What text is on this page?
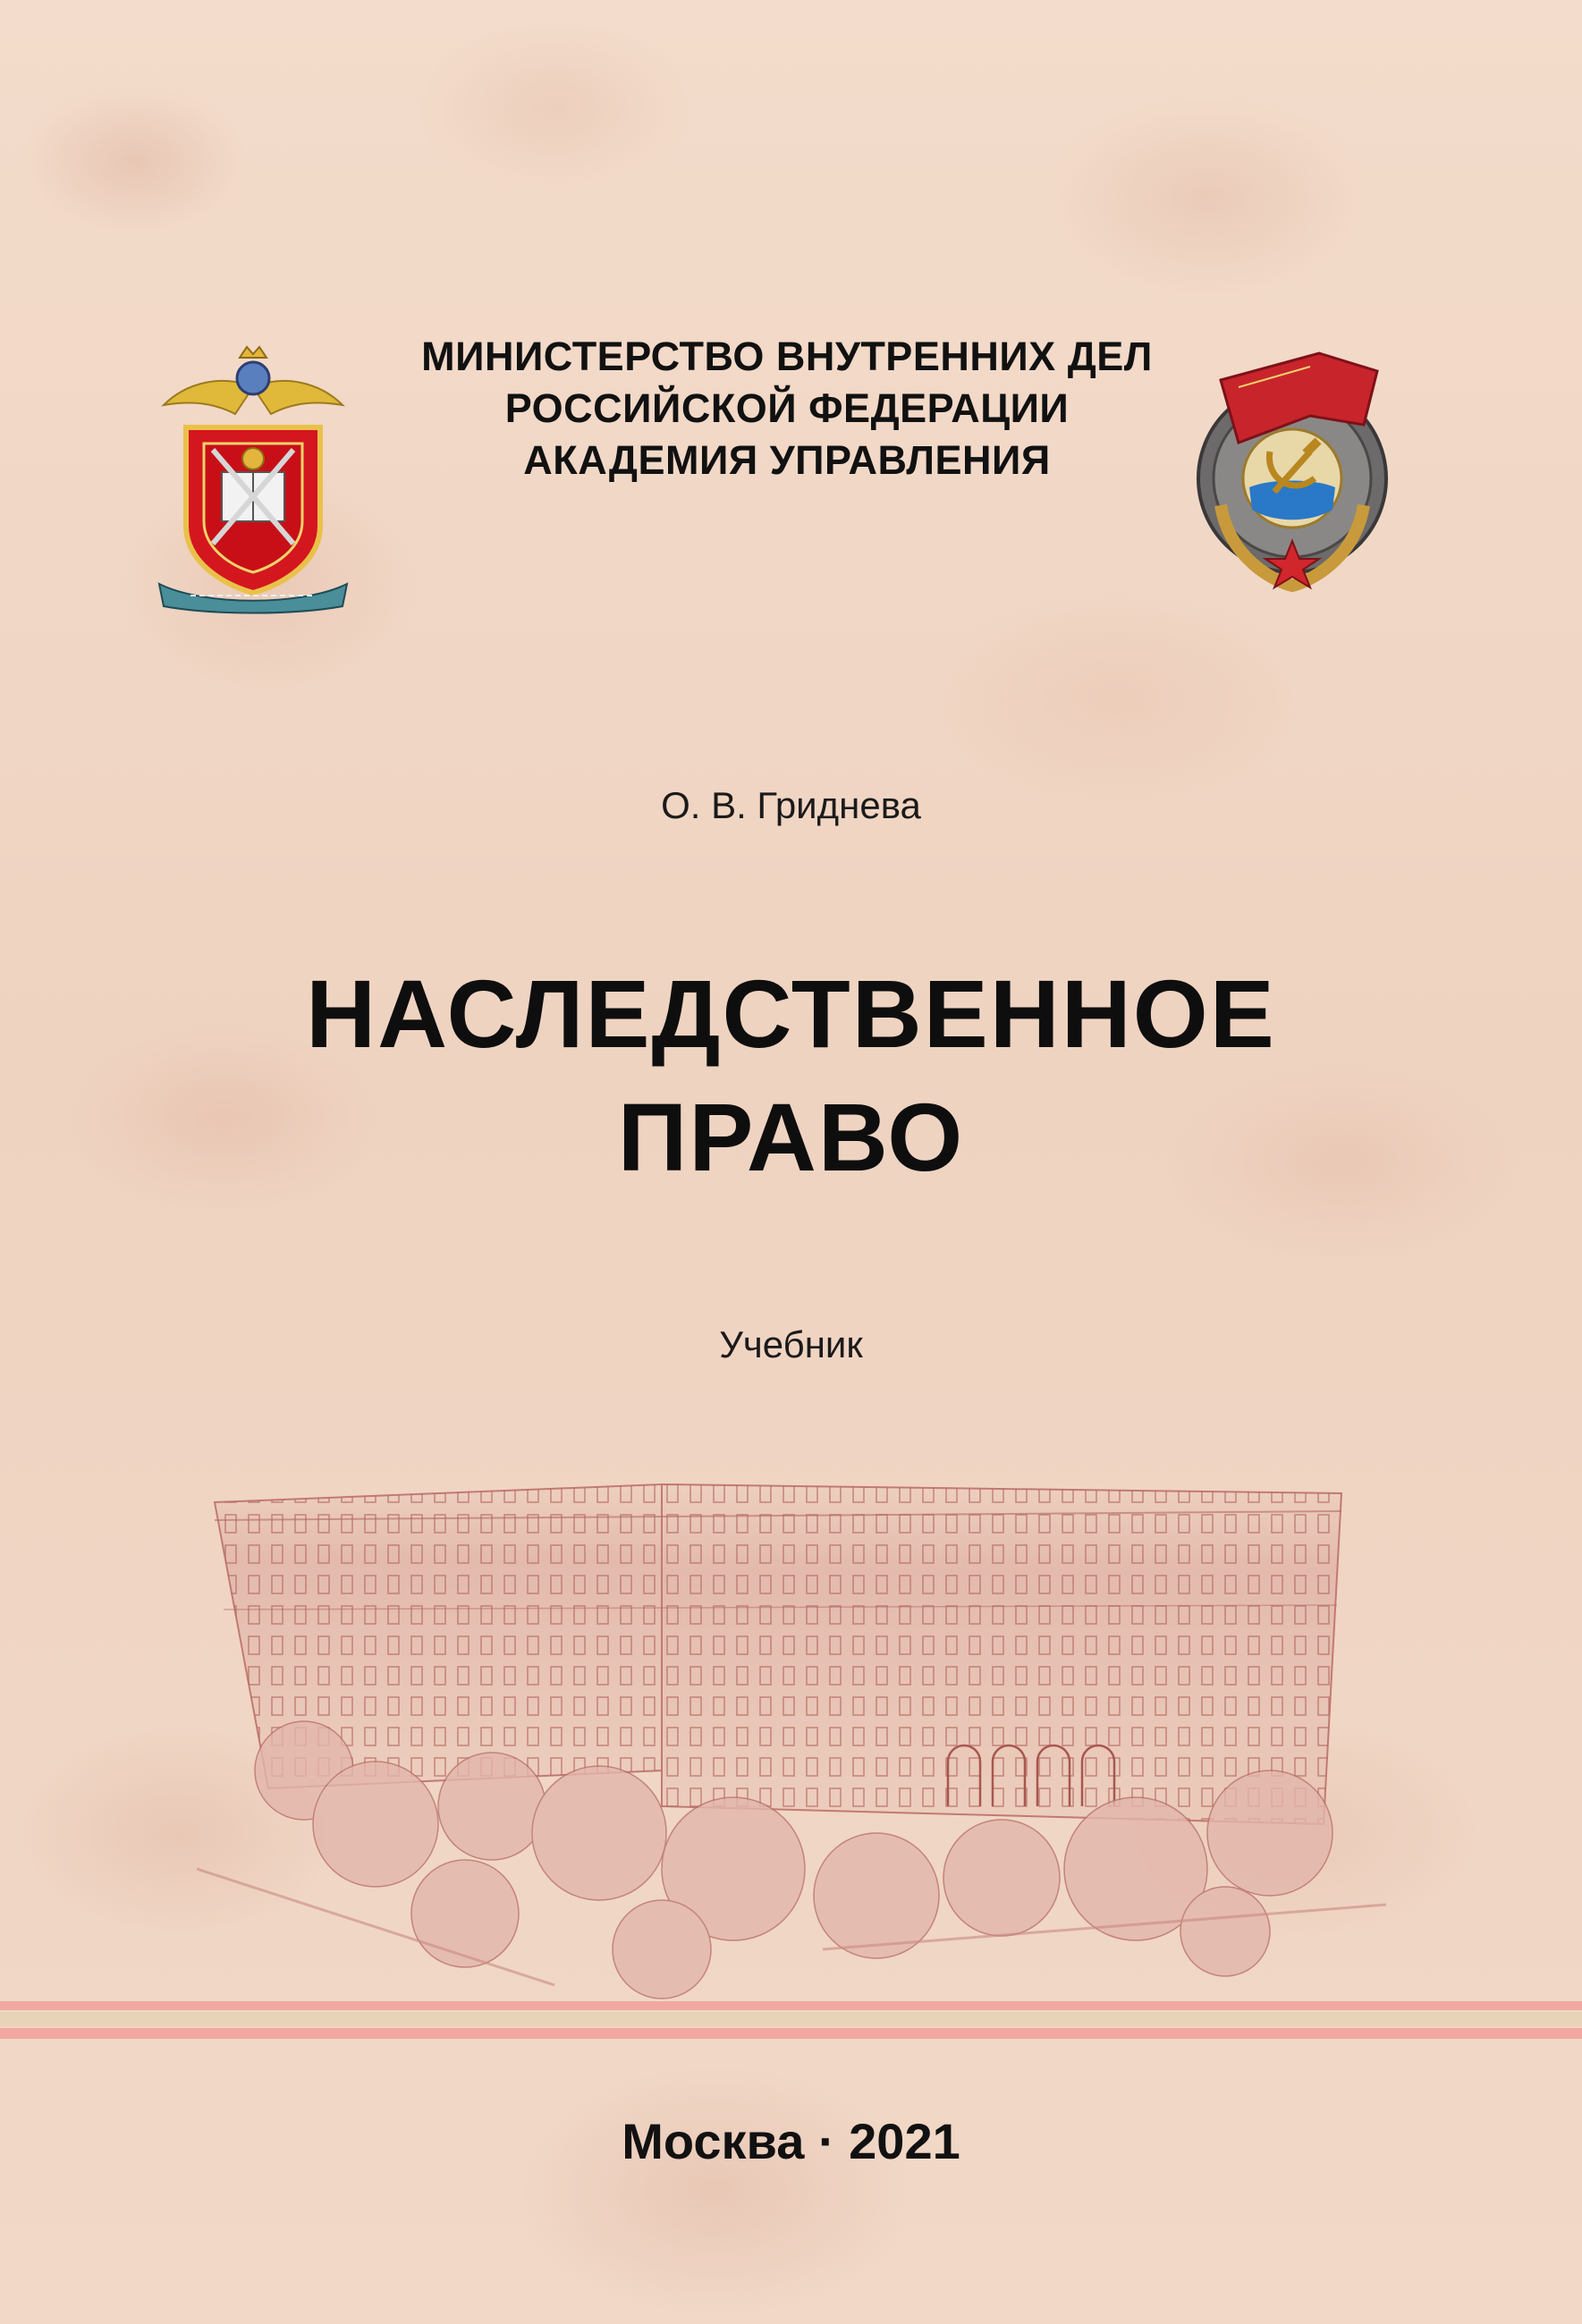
МИНИСТЕРСТВО ВНУТРЕННИХ ДЕЛ
РОССИЙСКОЙ ФЕДЕРАЦИИ
АКАДЕМИЯ УПРАВЛЕНИЯ
О. В. Гриднева
НАСЛЕДСТВЕННОЕ
ПРАВО
Учебник
Москва · 2021
